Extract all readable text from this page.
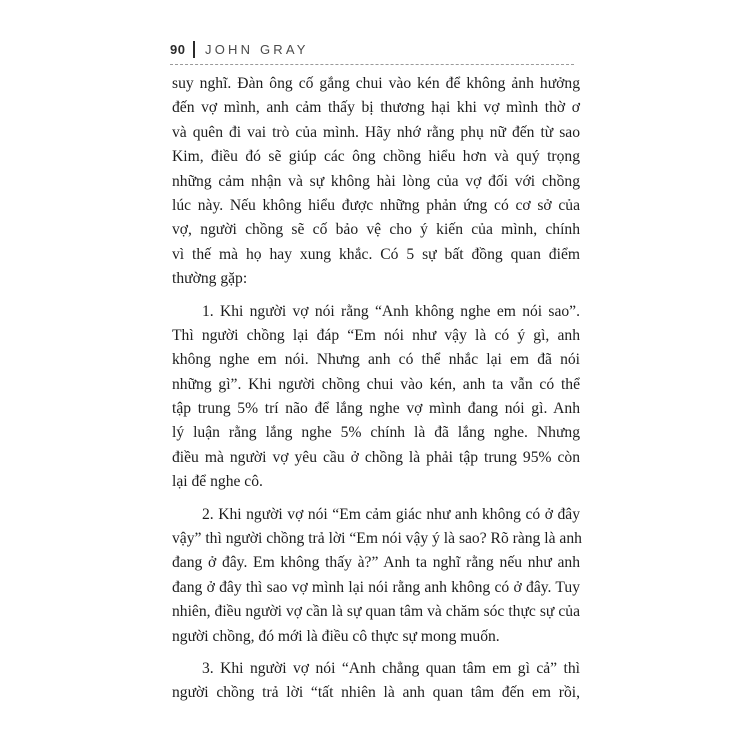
90 JOHN GRAY
suy nghĩ. Đàn ông cố gắng chui vào kén để không ảnh hưởng
đến vợ mình, anh cảm thấy bị thương hại khi vợ mình thờ ơ
và quên đi vai trò của mình. Hãy nhớ rằng phụ nữ đến từ sao
Kim, điều đó sẽ giúp các ông chồng hiểu hơn và quý trọng
những cảm nhận và sự không hài lòng của vợ đối với chồng
lúc này. Nếu không hiểu được những phản ứng có cơ sở của
vợ, người chồng sẽ cố bảo vệ cho ý kiến của mình, chính
vì thế mà họ hay xung khắc. Có 5 sự bất đồng quan điểm
thường gặp:
1. Khi người vợ nói rằng “Anh không nghe em nói sao”.
Thì người chồng lại đáp “Em nói như vậy là có ý gì, anh
không nghe em nói. Nhưng anh có thể nhắc lại em đã nói
những gì”. Khi người chồng chui vào kén, anh ta vẫn có thể
tập trung 5% trí não để lắng nghe vợ mình đang nói gì. Anh
lý luận rằng lắng nghe 5% chính là đã lắng nghe. Nhưng
điều mà người vợ yêu cầu ở chồng là phải tập trung 95% còn
lại để nghe cô.
2. Khi người vợ nói “Em cảm giác như anh không có ở đây
vậy” thì người chồng trả lời “Em nói vậy ý là sao? Rõ ràng là anh
đang ở đây. Em không thấy à?” Anh ta nghĩ rằng nếu như anh
đang ở đây thì sao vợ mình lại nói rằng anh không có ở đây. Tuy
nhiên, điều người vợ cần là sự quan tâm và chăm sóc thực sự của
người chồng, đó mới là điều cô thực sự mong muốn.
3. Khi người vợ nói “Anh chẳng quan tâm em gì cả” thì
người chồng trả lời “tất nhiên là anh quan tâm đến em rồi,
